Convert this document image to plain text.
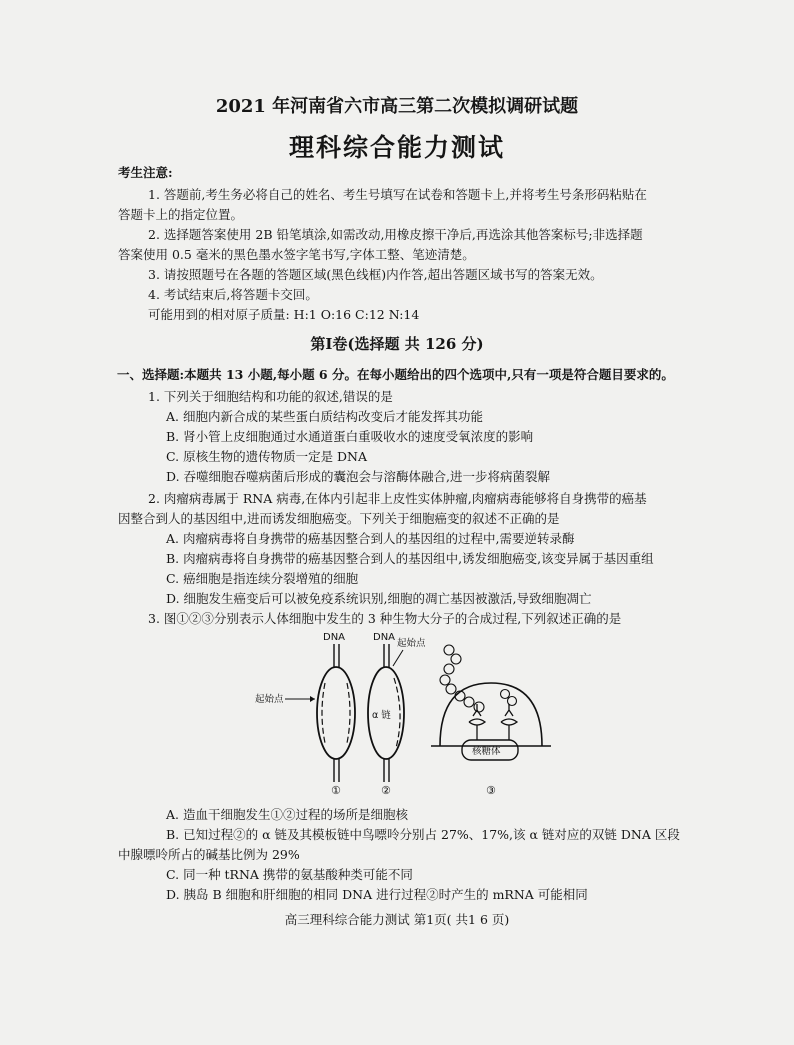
2021 年河南省六市高三第二次模拟调研试题
理科综合能力测试
考生注意:
1. 答题前,考生务必将自己的姓名、考生号填写在试卷和答题卡上,并将考生号条形码粘贴在
答题卡上的指定位置。
2. 选择题答案使用 2B 铅笔填涂,如需改动,用橡皮擦干净后,再选涂其他答案标号;非选择题
答案使用 0.5 毫米的黑色墨水签字笔书写,字体工整、笔迹清楚。
3. 请按照题号在各题的答题区域(黑色线框)内作答,超出答题区域书写的答案无效。
4. 考试结束后,将答题卡交回。
可能用到的相对原子质量: H:1 O:16 C:12 N:14
第Ⅰ卷(选择题 共 126 分)
一、选择题:本题共 13 小题,每小题 6 分。在每小题给出的四个选项中,只有一项是符合题目要求的。
1. 下列关于细胞结构和功能的叙述,错误的是
A. 细胞内新合成的某些蛋白质结构改变后才能发挥其功能
B. 肾小管上皮细胞通过水通道蛋白重吸收水的速度受氧浓度的影响
C. 原核生物的遗传物质一定是 DNA
D. 吞噬细胞吞噬病菌后形成的囊泡会与溶酶体融合,进一步将病菌裂解
2. 肉瘤病毒属于 RNA 病毒,在体内引起非上皮性实体肿瘤,肉瘤病毒能够将自身携带的癌基
因整合到人的基因组中,进而诱发细胞癌变。下列关于细胞癌变的叙述不正确的是
A. 肉瘤病毒将自身携带的癌基因整合到人的基因组的过程中,需要逆转录酶
B. 肉瘤病毒将自身携带的癌基因整合到人的基因组中,诱发细胞癌变,该变异属于基因重组
C. 癌细胞是指连续分裂增殖的细胞
D. 细胞发生癌变后可以被免疫系统识别,细胞的凋亡基因被激活,导致细胞凋亡
3. 图①②③分别表示人体细胞中发生的 3 种生物大分子的合成过程,下列叙述正确的是
DNA
起始点
①
DNA
起始点
α 链
②
核糖体
③
A. 造血干细胞发生①②过程的场所是细胞核
B. 已知过程②的 α 链及其模板链中鸟嘌呤分别占 27%、17%,该 α 链对应的双链 DNA 区段
中腺嘌呤所占的碱基比例为 29%
C. 同一种 tRNA 携带的氨基酸种类可能不同
D. 胰岛 B 细胞和肝细胞的相同 DNA 进行过程②时产生的 mRNA 可能相同
高三理科综合能力测试 第1页( 共1 6 页)
